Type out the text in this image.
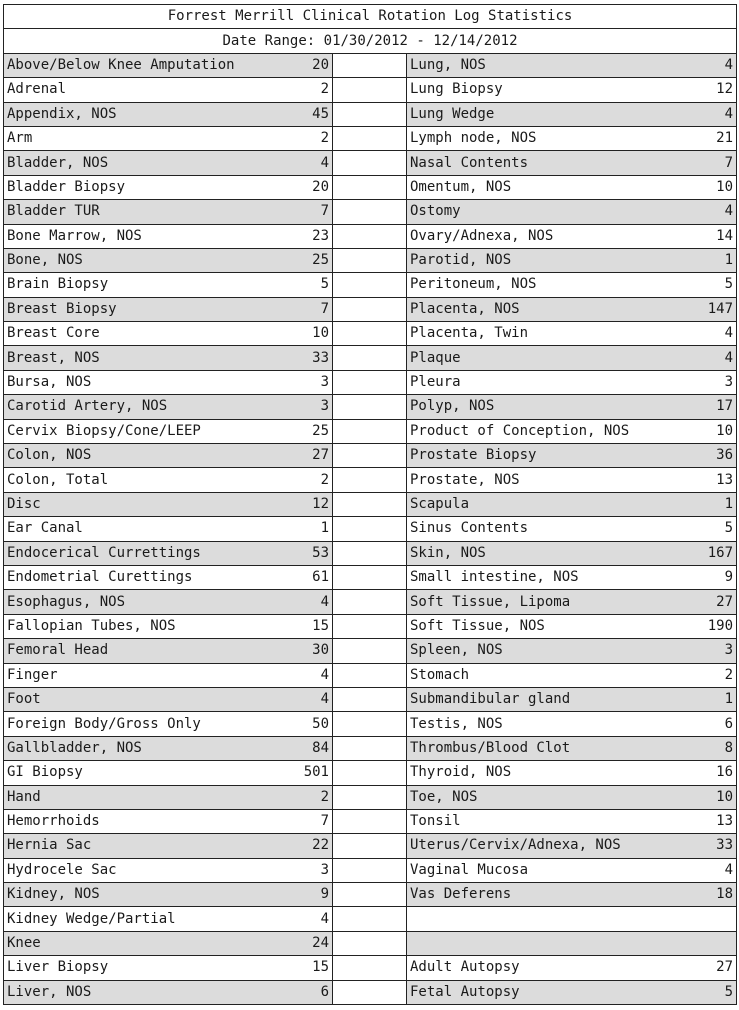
Forrest Merrill Clinical Rotation Log Statistics		
Date Range: 01/30/2012 - 12/14/2012		
Above/Below Knee Amputation 20		Lung, NOS 4

Adrenal 2		Lung Biopsy 12

Appendix, NOS 45		Lung Wedge 4

Arm 2		Lymph node, NOS 21

Bladder, NOS 4		Nasal Contents 7

Bladder Biopsy 20		Omentum, NOS 10

Bladder TUR 7		Ostomy 4

Bone Marrow, NOS 23		Ovary/Adnexa, NOS 14

Bone, NOS 25		Parotid, NOS 1

Brain Biopsy 5		Peritoneum, NOS 5

Breast Biopsy 7		Placenta, NOS 147

Breast Core 10		Placenta, Twin 4

Breast, NOS 33		Plaque 4

Bursa, NOS 3		Pleura 3

Carotid Artery, NOS 3		Polyp, NOS 17

Cervix Biopsy/Cone/LEEP 25		Product of Conception, NOS 10

Colon, NOS 27		Prostate Biopsy 36

Colon, Total 2		Prostate, NOS 13

Disc 12		Scapula 1

Ear Canal 1		Sinus Contents 5

Endocerical Currettings 53		Skin, NOS 167

Endometrial Curettings 61		Small intestine, NOS 9

Esophagus, NOS 4		Soft Tissue, Lipoma 27

Fallopian Tubes, NOS 15		Soft Tissue, NOS 190

Femoral Head 30		Spleen, NOS 3

Finger 4		Stomach 2

Foot 4		Submandibular gland 1

Foreign Body/Gross Only 50		Testis, NOS 6

Gallbladder, NOS 84		Thrombus/Blood Clot 8

GI Biopsy 501		Thyroid, NOS 16

Hand 2		Toe, NOS 10

Hemorrhoids 7		Tonsil 13

Hernia Sac 22		Uterus/Cervix/Adnexa, NOS 33

Hydrocele Sac 3		Vaginal Mucosa 4

Kidney, NOS 9		Vas Deferens 18

Kidney Wedge/Partial 4		

Knee 24		

Liver Biopsy 15		Adult Autopsy 27

Liver, NOS 6		Fetal Autopsy 5
